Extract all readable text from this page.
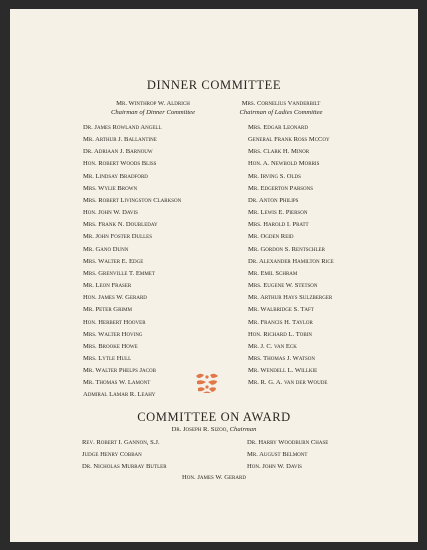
DINNER COMMITTEE
Mr. Winthrop W. Aldrich
Chairman of Dinner Committee
Mrs. Cornelius Vanderbilt
Chairman of Ladies Committee
Dr. James Rowland Angell
Mr. Arthur J. Ballantine
Dr. Adriaan J. Barnouw
Hon. Robert Woods Bliss
Mr. Lindsay Bradford
Mrs. Wylie Brown
Mrs. Robert Livingston Clarkson
Hon. John W. Davis
Mrs. Frank N. Doubleday
Mr. John Foster Dulles
Mr. Gano Dunn
Mrs. Walter E. Edge
Mrs. Grenville T. Emmet
Mr. Leon Fraser
Hon. James W. Gerard
Mr. Peter Grimm
Hon. Herbert Hoover
Mrs. Walter Hoving
Mrs. Brooke Howe
Mrs. Lytle Hull
Mr. Walter Phelps Jacob
Mr. Thomas W. Lamont
Admiral Lamar R. Leahy
Mrs. Edgar Leonard
General Frank Ross McCoy
Mrs. Clark H. Minor
Hon. A. Newbold Morris
Mr. Irving S. Olds
Mr. Edgerton Parsons
Dr. Anton Philips
Mr. Lewis E. Pierson
Mrs. Harold I. Pratt
Mr. Ogden Reid
Mr. Gordon S. Rentschler
Dr. Alexander Hamilton Rice
Mr. Emil Schram
Mrs. Eugene W. Stetson
Mr. Arthur Hays Sulzberger
Mr. Walbridge S. Taft
Mr. Francis H. Taylor
Hon. Richard L. Tobin
Mr. J. C. van Eck
Mrs. Thomas J. Watson
Mr. Wendell L. Willkie
Mr. R. G. A. van der Woude
COMMITTEE ON AWARD
Dr. Joseph R. Sizoo, Chairman
Rev. Robert I. Gannon, S.J.
Judge Henry Cobban
Dr. Nicholas Murray Butler
Dr. Harry Woodburn Chase
Mr. August Belmont
Hon. John W. Davis
Hon. James W. Gerard
